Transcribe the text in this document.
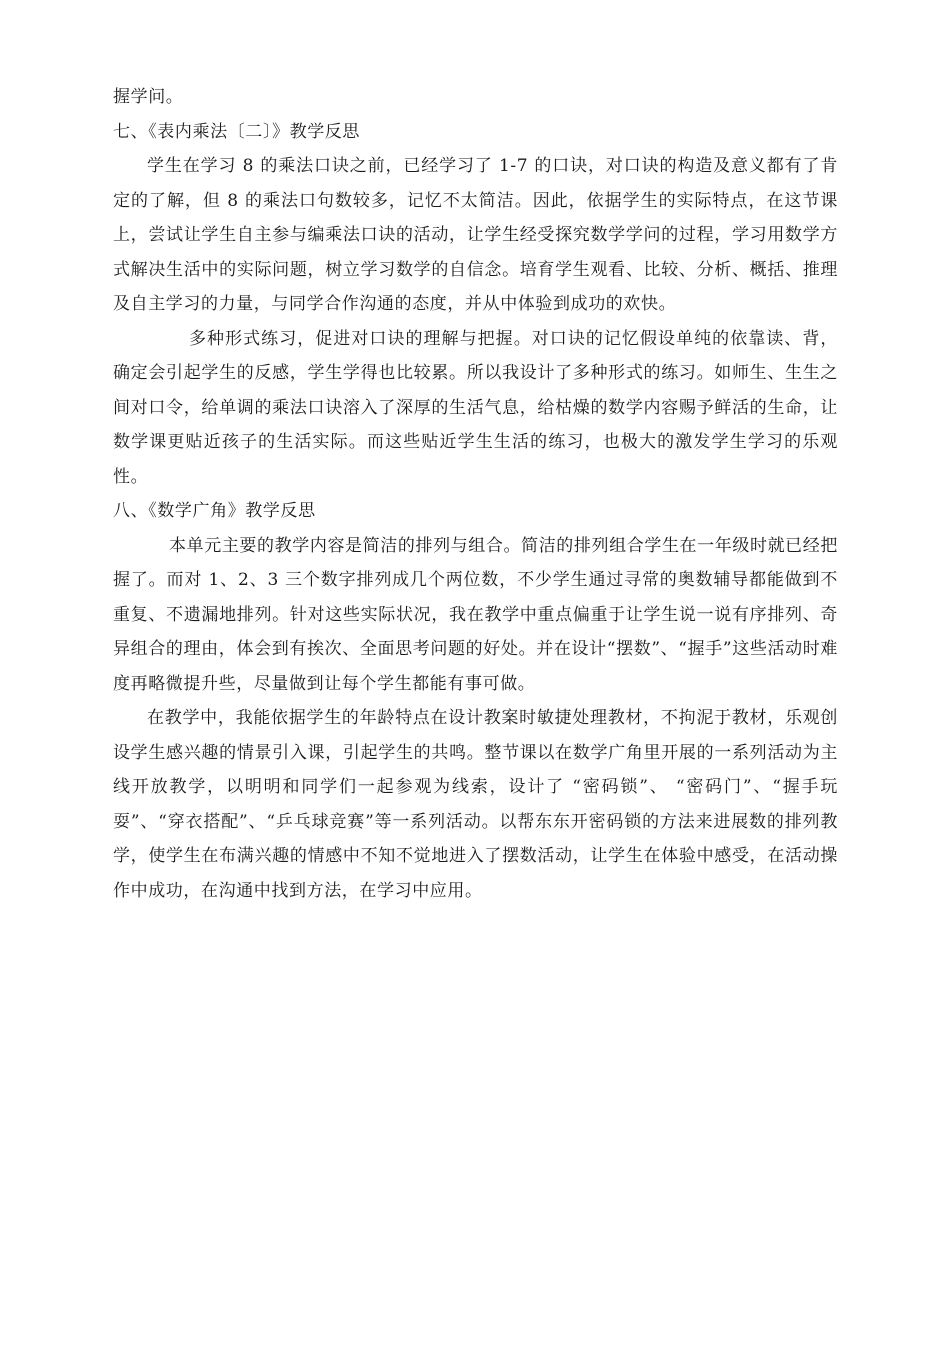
握学问。

七、《表内乘法〔二〕》教学反思

学生在学习 8 的乘法口诀之前，已经学习了 1-7 的口诀，对口诀的构造及意义都有了肯定的了解，但 8 的乘法口句数较多，记忆不太简洁。因此，依据学生的实际特点，在这节课上，尝试让学生自主参与编乘法口诀的活动，让学生经受探究数学学问的过程，学习用数学方式解决生活中的实际问题，树立学习数学的自信念。培育学生观看、比较、分析、概括、推理及自主学习的力量，与同学合作沟通的态度，并从中体验到成功的欢快。

多种形式练习，促进对口诀的理解与把握。对口诀的记忆假设单纯的依靠读、背，确定会引起学生的反感，学生学得也比较累。所以我设计了多种形式的练习。如师生、生生之间对口令，给单调的乘法口诀溶入了深厚的生活气息，给枯燥的数学内容赐予鲜活的生命，让数学课更贴近孩子的生活实际。而这些贴近学生生活的练习，也极大的激发学生学习的乐观性。

八、《数学广角》教学反思

本单元主要的教学内容是简洁的排列与组合。简洁的排列组合学生在一年级时就已经把握了。而对 1、2、3 三个数字排列成几个两位数，不少学生通过寻常的奥数辅导都能做到不重复、不遗漏地排列。针对这些实际状况，我在教学中重点偏重于让学生说一说有序排列、奇异组合的理由，体会到有挨次、全面思考问题的好处。并在设计“摆数”、“握手”这些活动时难度再略微提升些，尽量做到让每个学生都能有事可做。

在教学中，我能依据学生的年龄特点在设计教案时敏捷处理教材，不拘泥于教材，乐观创设学生感兴趣的情景引入课，引起学生的共鸣。整节课以在数学广角里开展的一系列活动为主线开放教学，以明明和同学们一起参观为线索，设计了 “密码锁”、 “密码门”、“握手玩耍”、“穿衣搭配”、“乒乓球竞赛”等一系列活动。以帮东东开密码锁的方法来进展数的排列教学，使学生在布满兴趣的情感中不知不觉地进入了摆数活动，让学生在体验中感受，在活动操作中成功，在沟通中找到方法，在学习中应用。
